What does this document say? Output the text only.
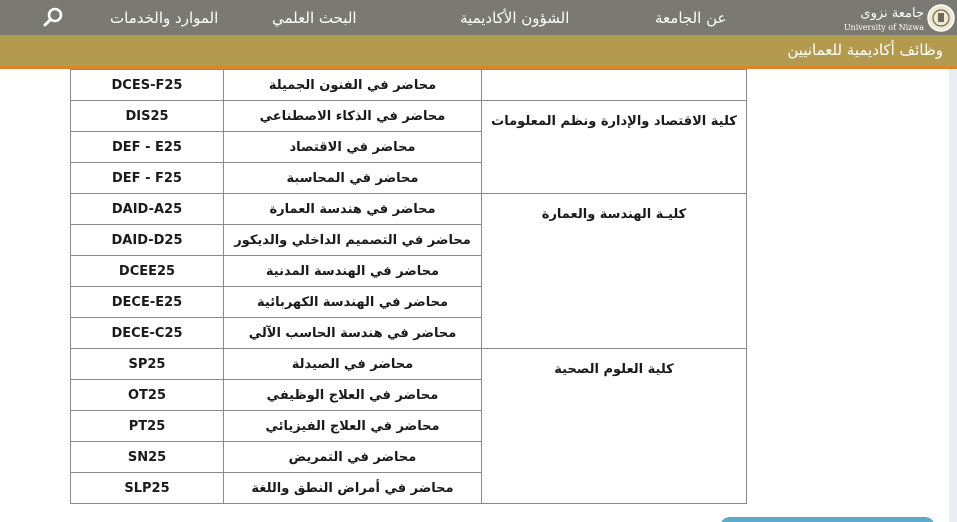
الموارد والخدمات	البحث العلمي	الشؤون الأكاديمية	عن الجامعة	جامعة نزوى
University of Nizwa
وظائف أكاديمية للعمانيين

DCES-F25	محاضر في الفنون الجميلة	
DIS25	محاضر في الذكاء الاصطناعي	كلية الاقتصاد والإدارة ونظم المعلومات
DEF - E25	محاضر في الاقتصاد	
DEF - F25	محاضر في المحاسبة	
DAID-A25	محاضر في هندسة العمارة	كليـة الهندسة والعمارة
DAID-D25	محاضر في التصميم الداخلي والديكور	
DCEE25	محاضر في الهندسة المدنية	
DECE-E25	محاضر في الهندسة الكهربائية	
DECE-C25	محاضر في هندسة الحاسب الآلي	
SP25	محاضر في الصيدلة	كلية العلوم الصحية
OT25	محاضر في العلاج الوظيفي	
PT25	محاضر في العلاج الفيزيائي	
SN25	محاضر في التمريض	
SLP25	محاضر في أمراض النطق واللغة	
